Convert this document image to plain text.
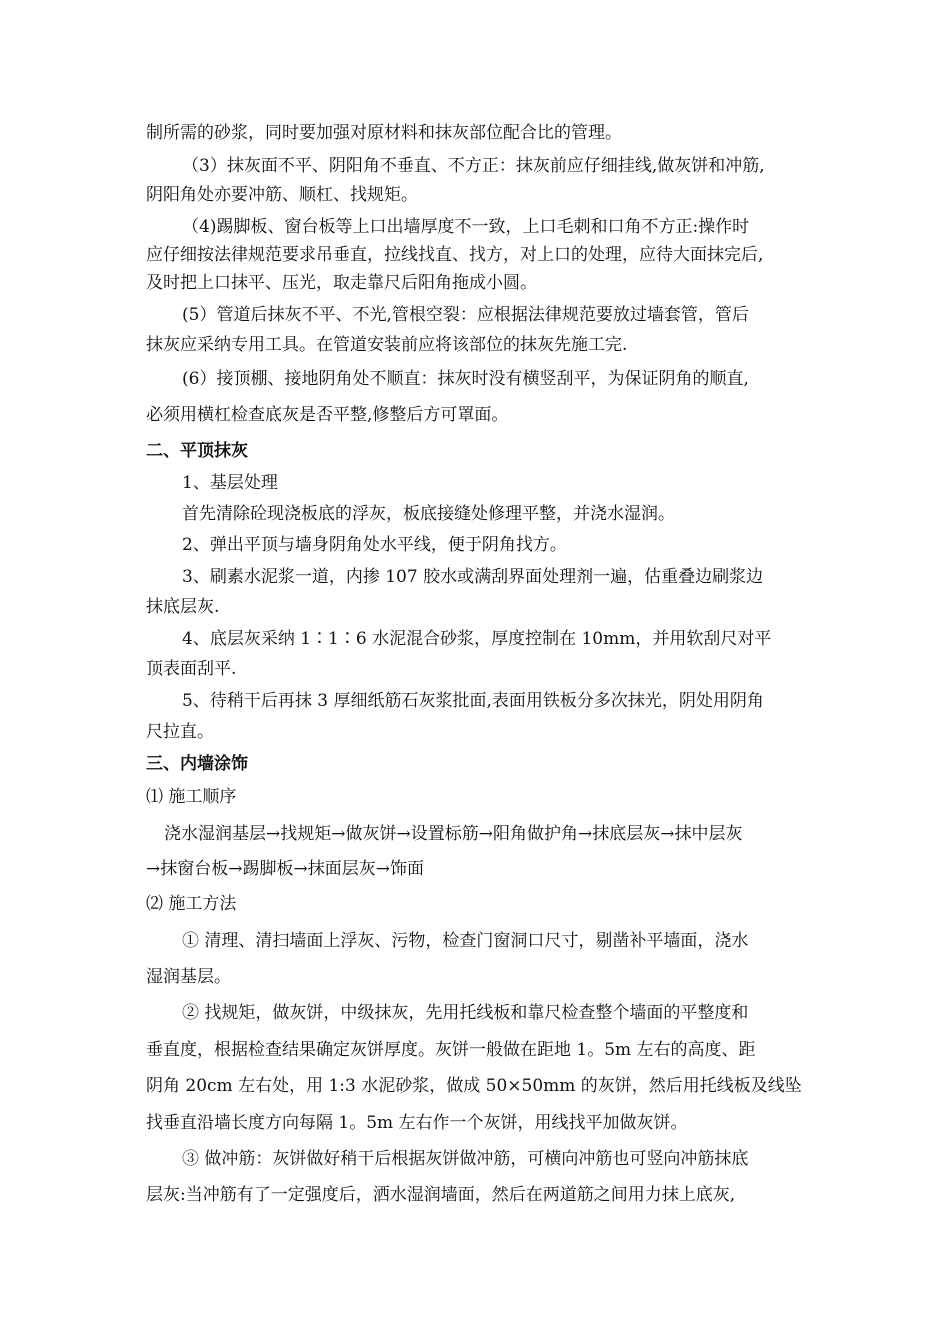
制所需的砂浆，同时要加强对原材料和抹灰部位配合比的管理。
（3）抹灰面不平、阴阳角不垂直、不方正：抹灰前应仔细挂线,做灰饼和冲筋,
阴阳角处亦要冲筋、顺杠、找规矩。
（4)踢脚板、窗台板等上口出墙厚度不一致，上口毛刺和口角不方正:操作时
应仔细按法律规范要求吊垂直，拉线找直、找方，对上口的处理，应待大面抹完后,
及时把上口抹平、压光，取走靠尺后阳角拖成小圆。
(5）管道后抹灰不平、不光,管根空裂：应根据法律规范要放过墙套管，管后
抹灰应采纳专用工具。在管道安装前应将该部位的抹灰先施工完.
(6）接顶棚、接地阴角处不顺直：抹灰时没有横竖刮平，为保证阴角的顺直,
必须用横杠检查底灰是否平整,修整后方可罩面。
二、平顶抹灰
1、基层处理
首先清除砼现浇板底的浮灰，板底接缝处修理平整，并浇水湿润。
2、弹出平顶与墙身阴角处水平线，便于阴角找方。
3、刷素水泥浆一道，内掺 107 胶水或满刮界面处理剂一遍，估重叠边刷浆边
抹底层灰.
4、底层灰采纳 1∶1∶6 水泥混合砂浆，厚度控制在 10mm，并用软刮尺对平
顶表面刮平.
5、待稍干后再抹 3 厚细纸筋石灰浆批面,表面用铁板分多次抹光，阴处用阴角
尺拉直。
三、内墙涂饰
⑴ 施工顺序
浇水湿润基层→找规矩→做灰饼→设置标筋→阳角做护角→抹底层灰→抹中层灰
→抹窗台板→踢脚板→抹面层灰→饰面
⑵ 施工方法
① 清理、清扫墙面上浮灰、污物，检查门窗洞口尺寸，剔凿补平墙面，浇水
湿润基层。
② 找规矩，做灰饼，中级抹灰，先用托线板和靠尺检查整个墙面的平整度和
垂直度，根据检查结果确定灰饼厚度。灰饼一般做在距地 1。5m 左右的高度、距
阴角 20cm 左右处，用 1:3 水泥砂浆，做成 50×50mm 的灰饼，然后用托线板及线坠
找垂直沿墙长度方向每隔 1。5m 左右作一个灰饼，用线找平加做灰饼。
③ 做冲筋：灰饼做好稍干后根据灰饼做冲筋，可横向冲筋也可竖向冲筋抹底
层灰:当冲筋有了一定强度后，洒水湿润墙面，然后在两道筋之间用力抹上底灰,
